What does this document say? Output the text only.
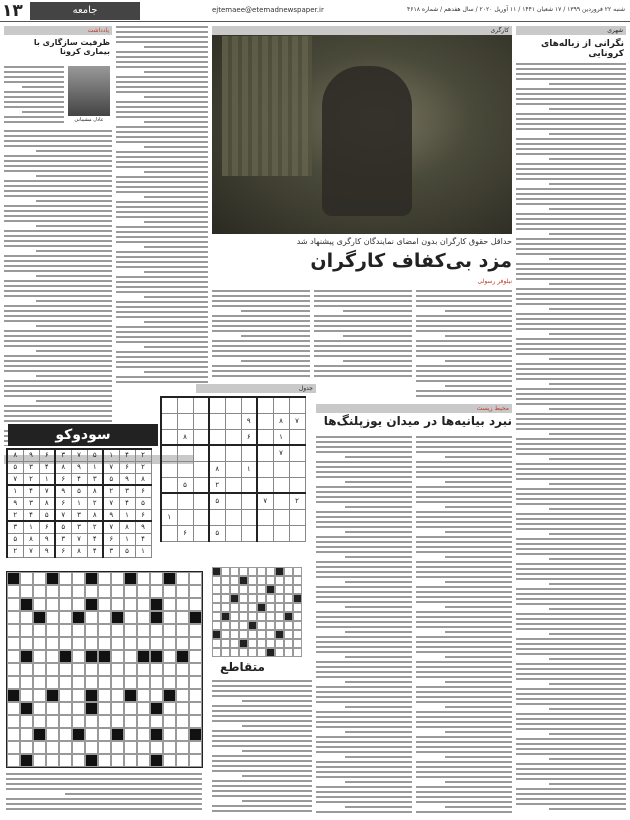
۱۳	جامعه	ejtemaee@etemadnewspaper.ir	شنبه ۲۲ فروردین ۱۳۹۹ / ۱۷ شعبان ۱۴۴۱ / ۱۱ آوریل ۲۰۲۰ / سال هفدهم / شماره ۴۶۱۸
شهری
نگرانی از زباله‌های کرونایی
یادداشت
ظرفیت سازگاری با بیماری کرونا
عادل مشیبانی
کارگری
حداقل حقوق کارگران بدون امضای نمایندگان کارگری پیشنهاد شد
مزد بی‌کفاف کارگران
نیلوفر رسولی
محیط زیست
نبرد بیانیه‌ها در میدان یوزپلنگ‌ها
جدول
سودوکو
۸	۹	۶	۳	۷	۵	۱	۴	۲
۵	۳	۴	۸	۹	۱	۷	۶	۲
۷	۲	۱	۶	۴	۳	۵	۹	۸
۱	۴	۷	۹	۵	۸	۲	۳	۶
۹	۳	۸	۶	۱	۲	۷	۴	۵
۲	۴	۵	۷	۳	۸	۹	۱	۶
۳	۱	۶	۵	۳	۲	۷	۸	۹
۵	۸	۹	۳	۷	۴	۶	۱	۴
۲	۷	۹	۶	۸	۴	۳	۵	۱

					۹		۸	۷
	۸				۶		۱	
							۷	
			۸		۱			
	۵		۲					
			۵			۷		۲
۱								
	۶		۵					
متقاطع
